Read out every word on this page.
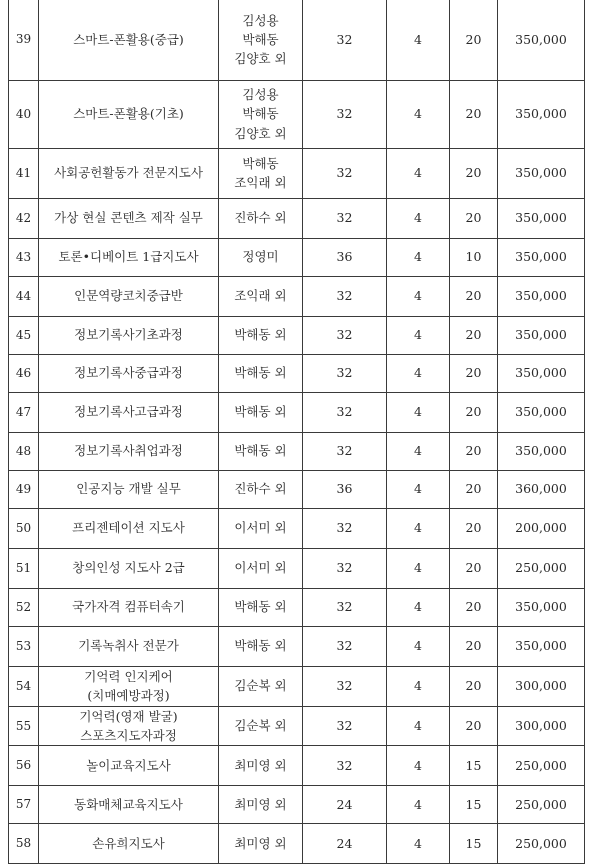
39	스마트-폰활용(중급)	김성용
박해동
김양호 외	32	4	20	350,000
40	스마트-폰활용(기초)	김성용
박해동
김양호 외	32	4	20	350,000
41	사회공헌활동가 전문지도사	박해동
조익래 외	32	4	20	350,000
42	가상 현실 콘텐츠 제작 실무	진하수 외	32	4	20	350,000
43	토론•디베이트 1급지도사	정영미	36	4	10	350,000
44	인문역량코치중급반	조익래 외	32	4	20	350,000
45	정보기록사기초과정	박해동 외	32	4	20	350,000
46	정보기록사중급과정	박해동 외	32	4	20	350,000
47	정보기록사고급과정	박해동 외	32	4	20	350,000
48	정보기록사취업과정	박해동 외	32	4	20	350,000
49	인공지능 개발 실무	진하수 외	36	4	20	360,000
50	프리젠테이션 지도사	이서미 외	32	4	20	200,000
51	창의인성 지도사 2급	이서미 외	32	4	20	250,000
52	국가자격 컴퓨터속기	박해동 외	32	4	20	350,000
53	기록녹취사 전문가	박해동 외	32	4	20	350,000
54	기억력 인지케어
(치매예방과정)	김순복 외	32	4	20	300,000
55	기억력(영재 발굴)
스포츠지도자과정	김순복 외	32	4	20	300,000
56	놀이교육지도사	최미영 외	32	4	15	250,000
57	동화매체교육지도사	최미영 외	24	4	15	250,000
58	손유희지도사	최미영 외	24	4	15	250,000
